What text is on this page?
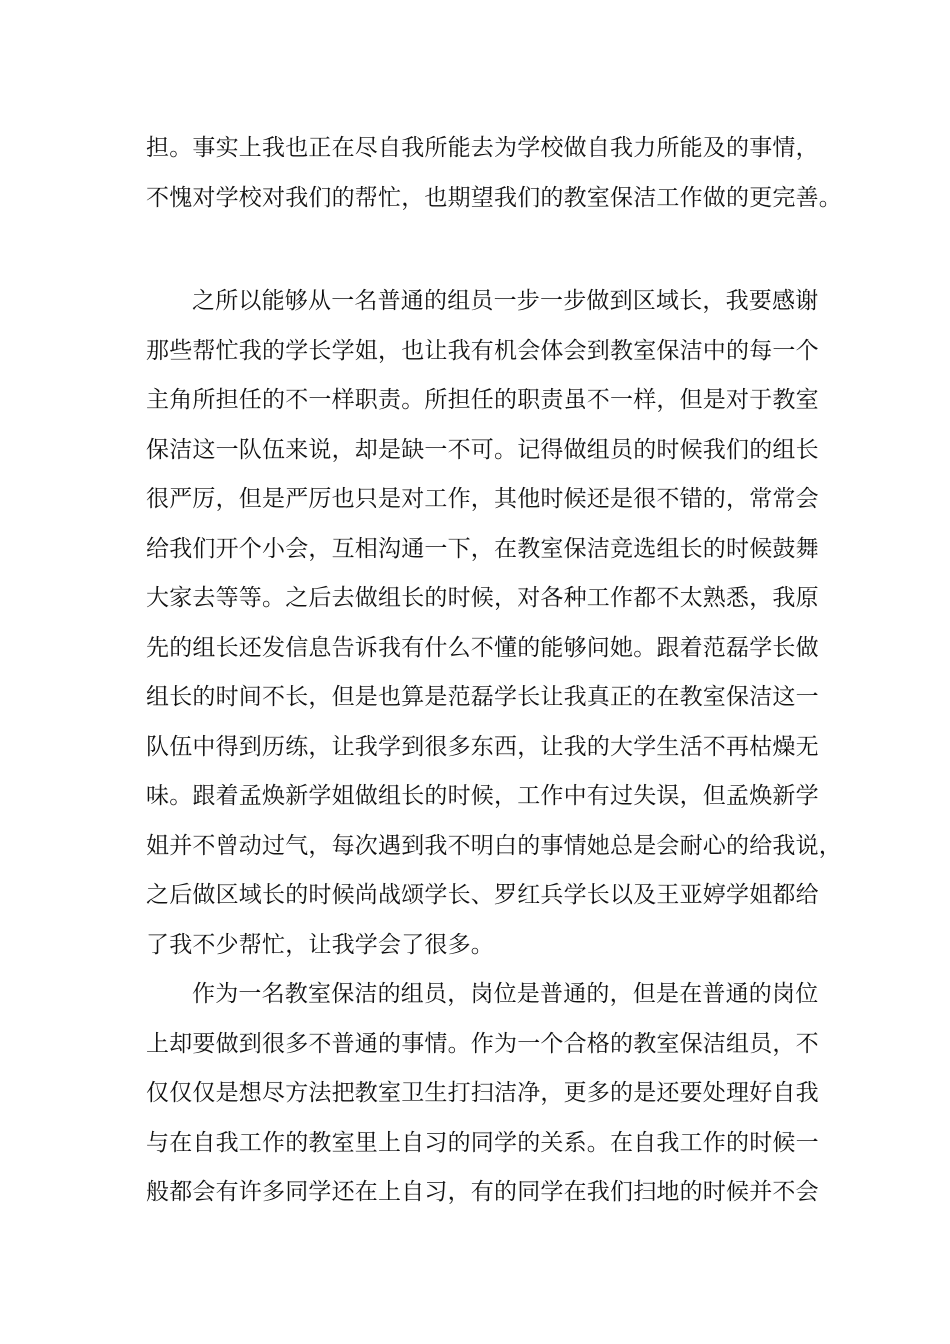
担。事实上我也正在尽自我所能去为学校做自我力所能及的事情，
不愧对学校对我们的帮忙，也期望我们的教室保洁工作做的更完善。
之所以能够从一名普通的组员一步一步做到区域长，我要感谢
那些帮忙我的学长学姐，也让我有机会体会到教室保洁中的每一个
主角所担任的不一样职责。所担任的职责虽不一样，但是对于教室
保洁这一队伍来说，却是缺一不可。记得做组员的时候我们的组长
很严厉，但是严厉也只是对工作，其他时候还是很不错的，常常会
给我们开个小会，互相沟通一下，在教室保洁竞选组长的时候鼓舞
大家去等等。之后去做组长的时候，对各种工作都不太熟悉，我原
先的组长还发信息告诉我有什么不懂的能够问她。跟着范磊学长做
组长的时间不长，但是也算是范磊学长让我真正的在教室保洁这一
队伍中得到历练，让我学到很多东西，让我的大学生活不再枯燥无
味。跟着孟焕新学姐做组长的时候，工作中有过失误，但孟焕新学
姐并不曾动过气，每次遇到我不明白的事情她总是会耐心的给我说，
之后做区域长的时候尚战颂学长、罗红兵学长以及王亚婷学姐都给
了我不少帮忙，让我学会了很多。
作为一名教室保洁的组员，岗位是普通的，但是在普通的岗位
上却要做到很多不普通的事情。作为一个合格的教室保洁组员，不
仅仅仅是想尽方法把教室卫生打扫洁净，更多的是还要处理好自我
与在自我工作的教室里上自习的同学的关系。在自我工作的时候一
般都会有许多同学还在上自习，有的同学在我们扫地的时候并不会
